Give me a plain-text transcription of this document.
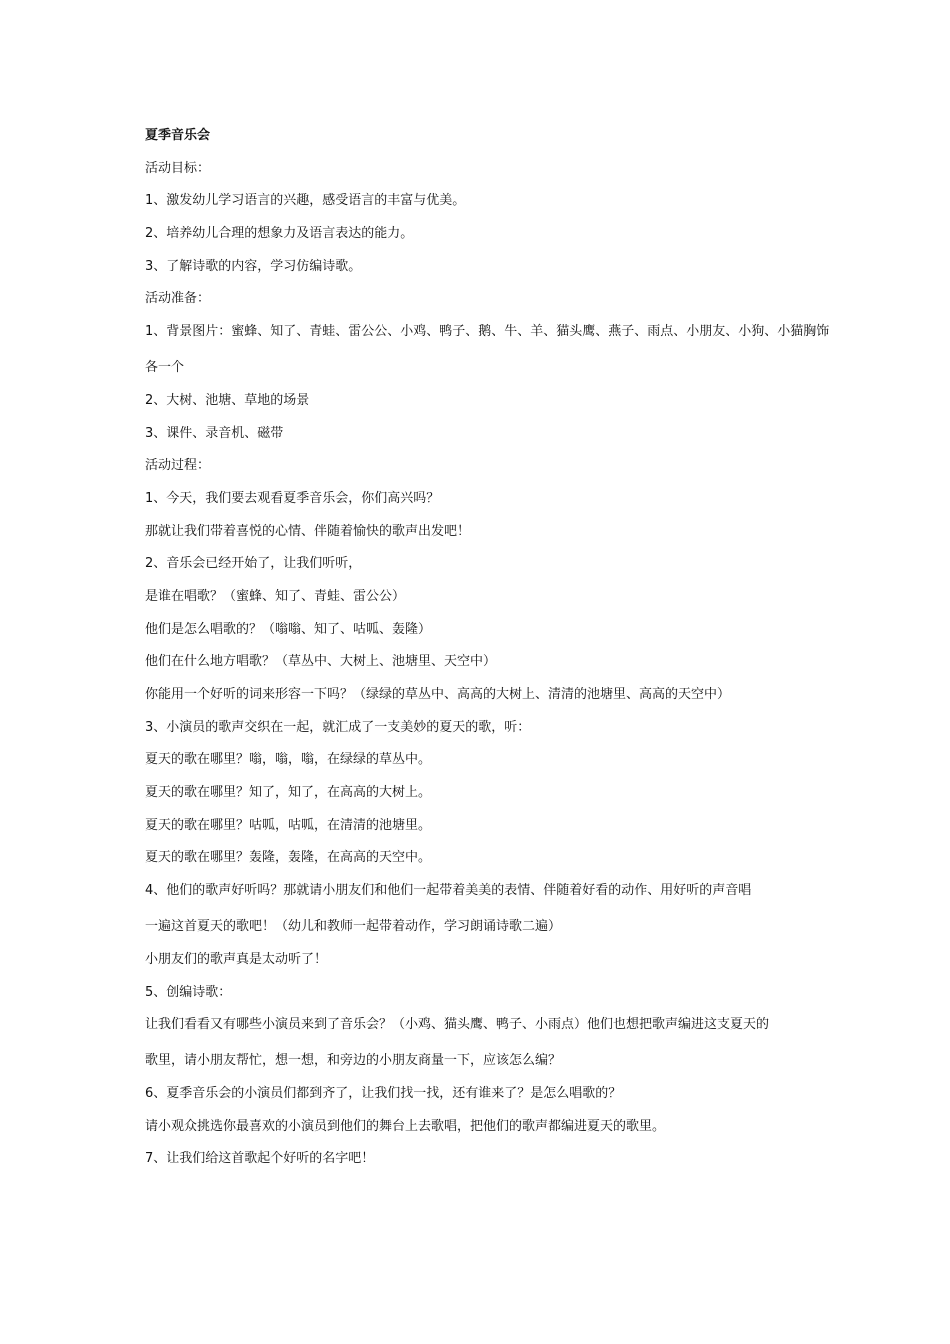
夏季音乐会
活动目标：
1、激发幼儿学习语言的兴趣，感受语言的丰富与优美。
2、培养幼儿合理的想象力及语言表达的能力。
3、了解诗歌的内容，学习仿编诗歌。
活动准备：
1、背景图片：蜜蜂、知了、青蛙、雷公公、小鸡、鸭子、鹅、牛、羊、猫头鹰、燕子、雨点、小朋友、小狗、小猫胸饰
各一个
2、大树、池塘、草地的场景
3、课件、录音机、磁带
活动过程：
1、今天，我们要去观看夏季音乐会，你们高兴吗？
那就让我们带着喜悦的心情、伴随着愉快的歌声出发吧！
2、音乐会已经开始了，让我们听听，
是谁在唱歌？（蜜蜂、知了、青蛙、雷公公）
他们是怎么唱歌的？（嗡嗡、知了、咕呱、轰隆）
他们在什么地方唱歌？（草丛中、大树上、池塘里、天空中）
你能用一个好听的词来形容一下吗？（绿绿的草丛中、高高的大树上、清清的池塘里、高高的天空中）
3、小演员的歌声交织在一起，就汇成了一支美妙的夏天的歌，听：
夏天的歌在哪里？嗡，嗡，嗡，在绿绿的草丛中。
夏天的歌在哪里？知了，知了，在高高的大树上。
夏天的歌在哪里？咕呱，咕呱，在清清的池塘里。
夏天的歌在哪里？轰隆，轰隆，在高高的天空中。
4、他们的歌声好听吗？那就请小朋友们和他们一起带着美美的表情、伴随着好看的动作、用好听的声音唱
一遍这首夏天的歌吧！（幼儿和教师一起带着动作，学习朗诵诗歌二遍）
小朋友们的歌声真是太动听了！
5、创编诗歌：
让我们看看又有哪些小演员来到了音乐会？（小鸡、猫头鹰、鸭子、小雨点）他们也想把歌声编进这支夏天的
歌里，请小朋友帮忙，想一想，和旁边的小朋友商量一下，应该怎么编？
6、夏季音乐会的小演员们都到齐了，让我们找一找，还有谁来了？是怎么唱歌的？
请小观众挑选你最喜欢的小演员到他们的舞台上去歌唱，把他们的歌声都编进夏天的歌里。
7、让我们给这首歌起个好听的名字吧！
